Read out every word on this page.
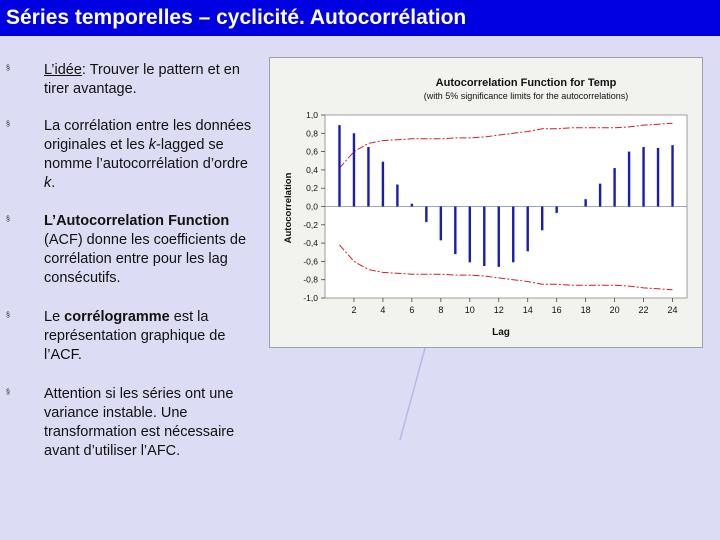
Séries temporelles – cyclicité. Autocorrélation
§ L’idée: Trouver le pattern et en tirer avantage.
§ La corrélation entre les données originales et les k-lagged se nomme l’autocorrélation d’ordre k.
§ L’Autocorrelation Function (ACF) donne les coefficients de corrélation entre pour les lag consécutifs.
§ Le corrélogramme est la représentation graphique de l’ACF.
§ Attention si les séries ont une variance instable. Une transformation est nécessaire avant d’utiliser l’AFC.
Autocorrelation Function for Temp
(with 5% significance limits for the autocorrelations)
Autocorrelation
Lag
1,0
0,8
0,6
0,4
0,2
0,0
-0,2
-0,4
-0,6
-0,8
-1,0
2	4	6	8 10 12 14 16 18 20 22 24
